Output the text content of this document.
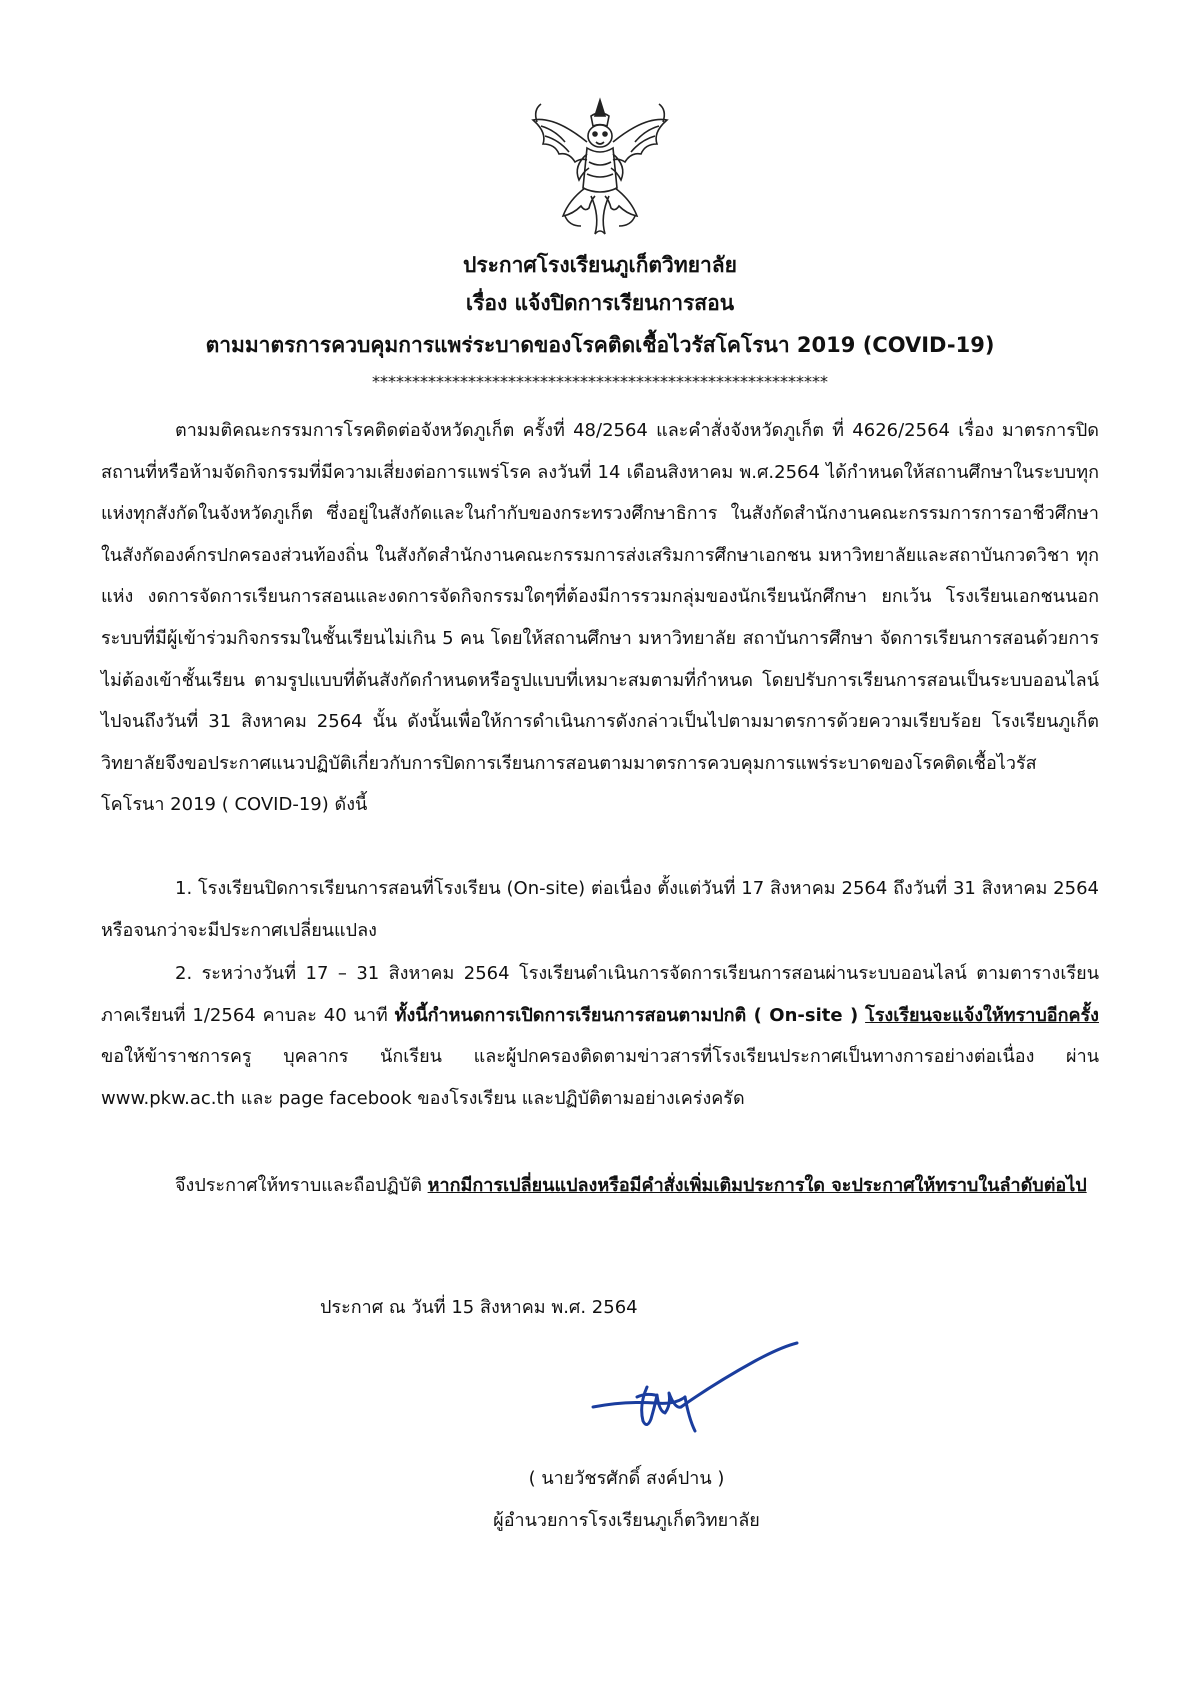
ประกาศโรงเรียนภูเก็ตวิทยาลัย
เรื่อง แจ้งปิดการเรียนการสอน
ตามมาตรการควบคุมการแพร่ระบาดของโรคติดเชื้อไวรัสโคโรนา 2019 (COVID-19)
*********************************************************
ตามมติคณะกรรมการโรคติดต่อจังหวัดภูเก็ต ครั้งที่ 48/2564 และคำสั่งจังหวัดภูเก็ต ที่ 4626/2564 เรื่อง มาตรการปิดสถานที่หรือห้ามจัดกิจกรรมที่มีความเสี่ยงต่อการแพร่โรค ลงวันที่ 14 เดือนสิงหาคม พ.ศ.2564 ได้กำหนดให้สถานศึกษาในระบบทุกแห่งทุกสังกัดในจังหวัดภูเก็ต ซึ่งอยู่ในสังกัดและในกำกับของกระทรวงศึกษาธิการ ในสังกัดสำนักงานคณะกรรมการการอาชีวศึกษา ในสังกัดองค์กรปกครองส่วนท้องถิ่น ในสังกัดสำนักงานคณะกรรมการส่งเสริมการศึกษาเอกชน มหาวิทยาลัยและสถาบันกวดวิชา ทุกแห่ง งดการจัดการเรียนการสอนและงดการจัดกิจกรรมใดๆที่ต้องมีการรวมกลุ่มของนักเรียนนักศึกษา ยกเว้น โรงเรียนเอกชนนอกระบบที่มีผู้เข้าร่วมกิจกรรมในชั้นเรียนไม่เกิน 5 คน โดยให้สถานศึกษา มหาวิทยาลัย สถาบันการศึกษา จัดการเรียนการสอนด้วยการไม่ต้องเข้าชั้นเรียน ตามรูปแบบที่ต้นสังกัดกำหนดหรือรูปแบบที่เหมาะสมตามที่กำหนด โดยปรับการเรียนการสอนเป็นระบบออนไลน์ ไปจนถึงวันที่ 31 สิงหาคม 2564 นั้น ดังนั้นเพื่อให้การดำเนินการดังกล่าวเป็นไปตามมาตรการด้วยความเรียบร้อย โรงเรียนภูเก็ตวิทยาลัยจึงขอประกาศแนวปฏิบัติเกี่ยวกับการปิดการเรียนการสอนตามมาตรการควบคุมการแพร่ระบาดของโรคติดเชื้อไวรัสโคโรนา 2019 ( COVID-19) ดังนี้
1. โรงเรียนปิดการเรียนการสอนที่โรงเรียน (On-site) ต่อเนื่อง ตั้งแต่วันที่ 17 สิงหาคม 2564 ถึงวันที่ 31 สิงหาคม 2564 หรือจนกว่าจะมีประกาศเปลี่ยนแปลง
2. ระหว่างวันที่ 17 – 31 สิงหาคม 2564 โรงเรียนดำเนินการจัดการเรียนการสอนผ่านระบบออนไลน์ ตามตารางเรียน ภาคเรียนที่ 1/2564 คาบละ 40 นาที ทั้งนี้กำหนดการเปิดการเรียนการสอนตามปกติ ( On-site ) โรงเรียนจะแจ้งให้ทราบอีกครั้ง ขอให้ข้าราชการครู บุคลากร นักเรียน และผู้ปกครองติดตามข่าวสารที่โรงเรียนประกาศเป็นทางการอย่างต่อเนื่อง ผ่าน www.pkw.ac.th และ page facebook ของโรงเรียน และปฏิบัติตามอย่างเคร่งครัด
จึงประกาศให้ทราบและถือปฏิบัติ หากมีการเปลี่ยนแปลงหรือมีคำสั่งเพิ่มเติมประการใด จะประกาศให้ทราบในลำดับต่อไป
ประกาศ ณ วันที่ 15 สิงหาคม พ.ศ. 2564
( นายวัชรศักดิ์ สงค์ปาน )
ผู้อำนวยการโรงเรียนภูเก็ตวิทยาลัย
